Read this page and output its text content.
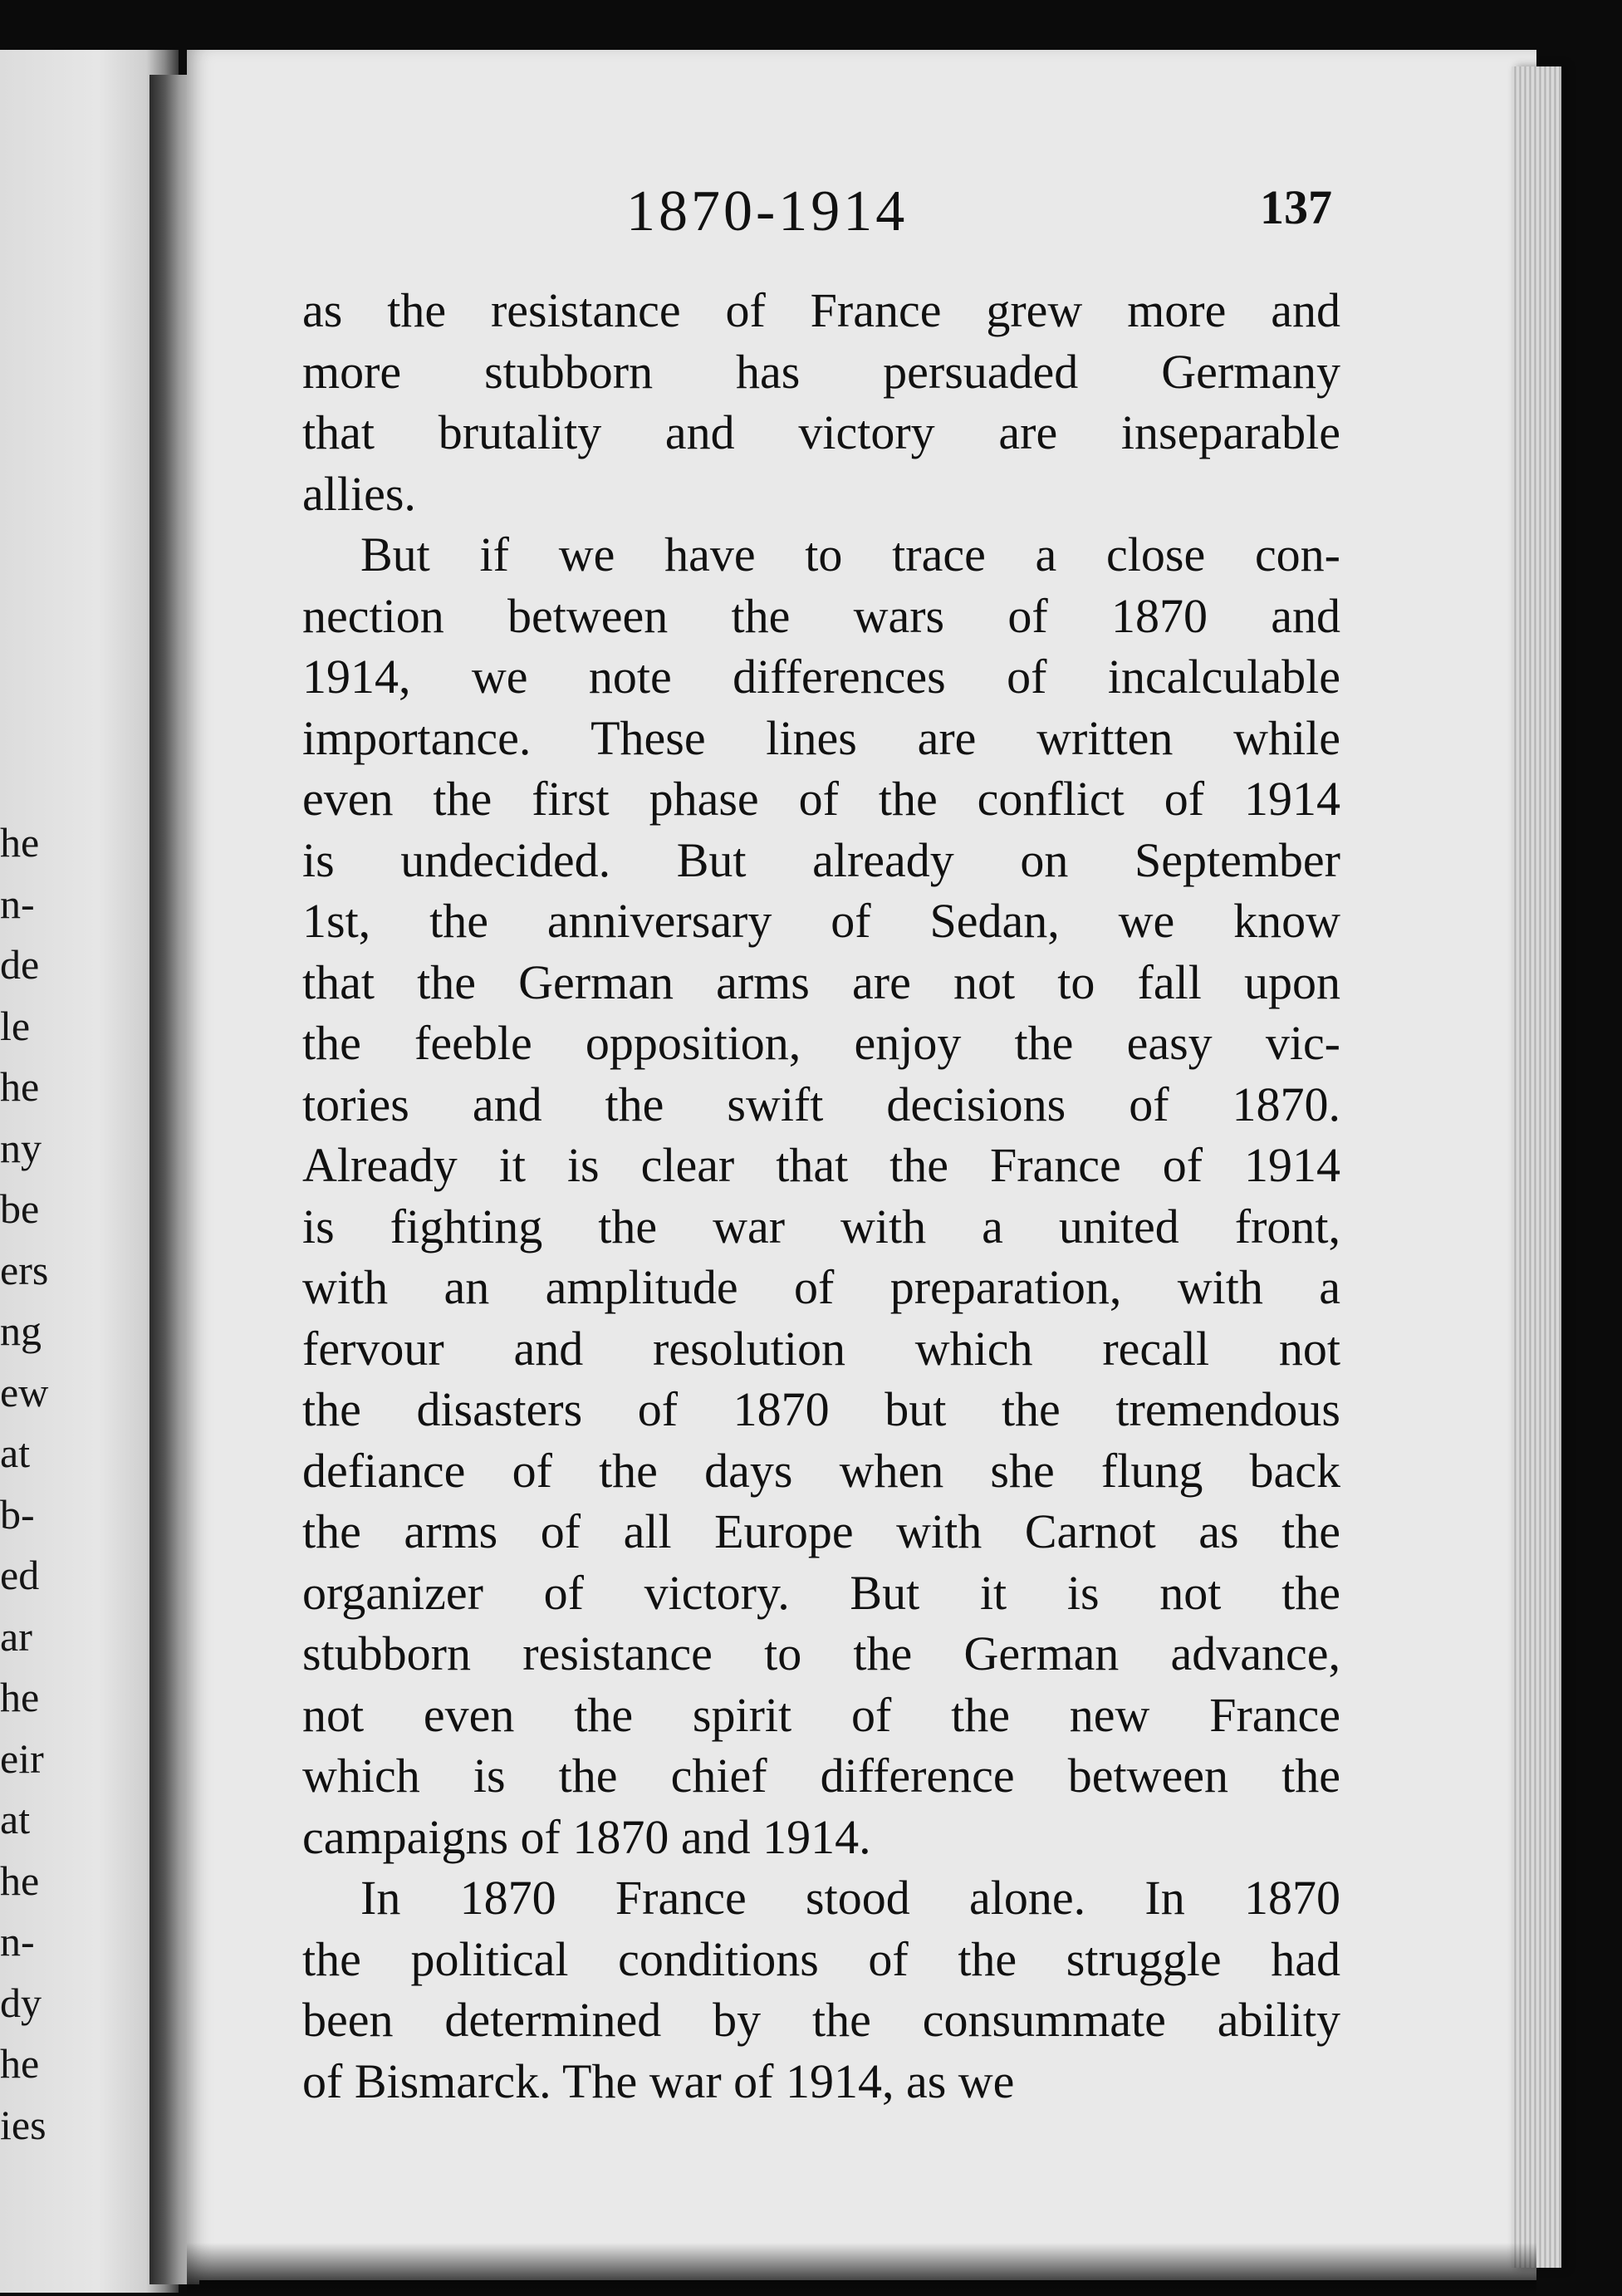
he
n-
de
le
he
ny
be
ers
ng
ew
at
b-
ed
ar
he
eir
at
he
n-
dy
he
ies
1870-1914	137
as the resistance of France grew more and
more stubborn has persuaded Germany
that brutality and victory are inseparable
allies.
But if we have to trace a close con-
nection between the wars of 1870 and
1914, we note differences of incalculable
importance. These lines are written while
even the first phase of the conflict of 1914
is undecided. But already on September
1st, the anniversary of Sedan, we know
that the German arms are not to fall upon
the feeble opposition, enjoy the easy vic-
tories and the swift decisions of 1870.
Already it is clear that the France of 1914
is fighting the war with a united front,
with an amplitude of preparation, with a
fervour and resolution which recall not
the disasters of 1870 but the tremendous
defiance of the days when she flung back
the arms of all Europe with Carnot as the
organizer of victory. But it is not the
stubborn resistance to the German advance,
not even the spirit of the new France
which is the chief difference between the
campaigns of 1870 and 1914.
In 1870 France stood alone. In 1870
the political conditions of the struggle had
been determined by the consummate ability
of Bismarck. The war of 1914, as we
